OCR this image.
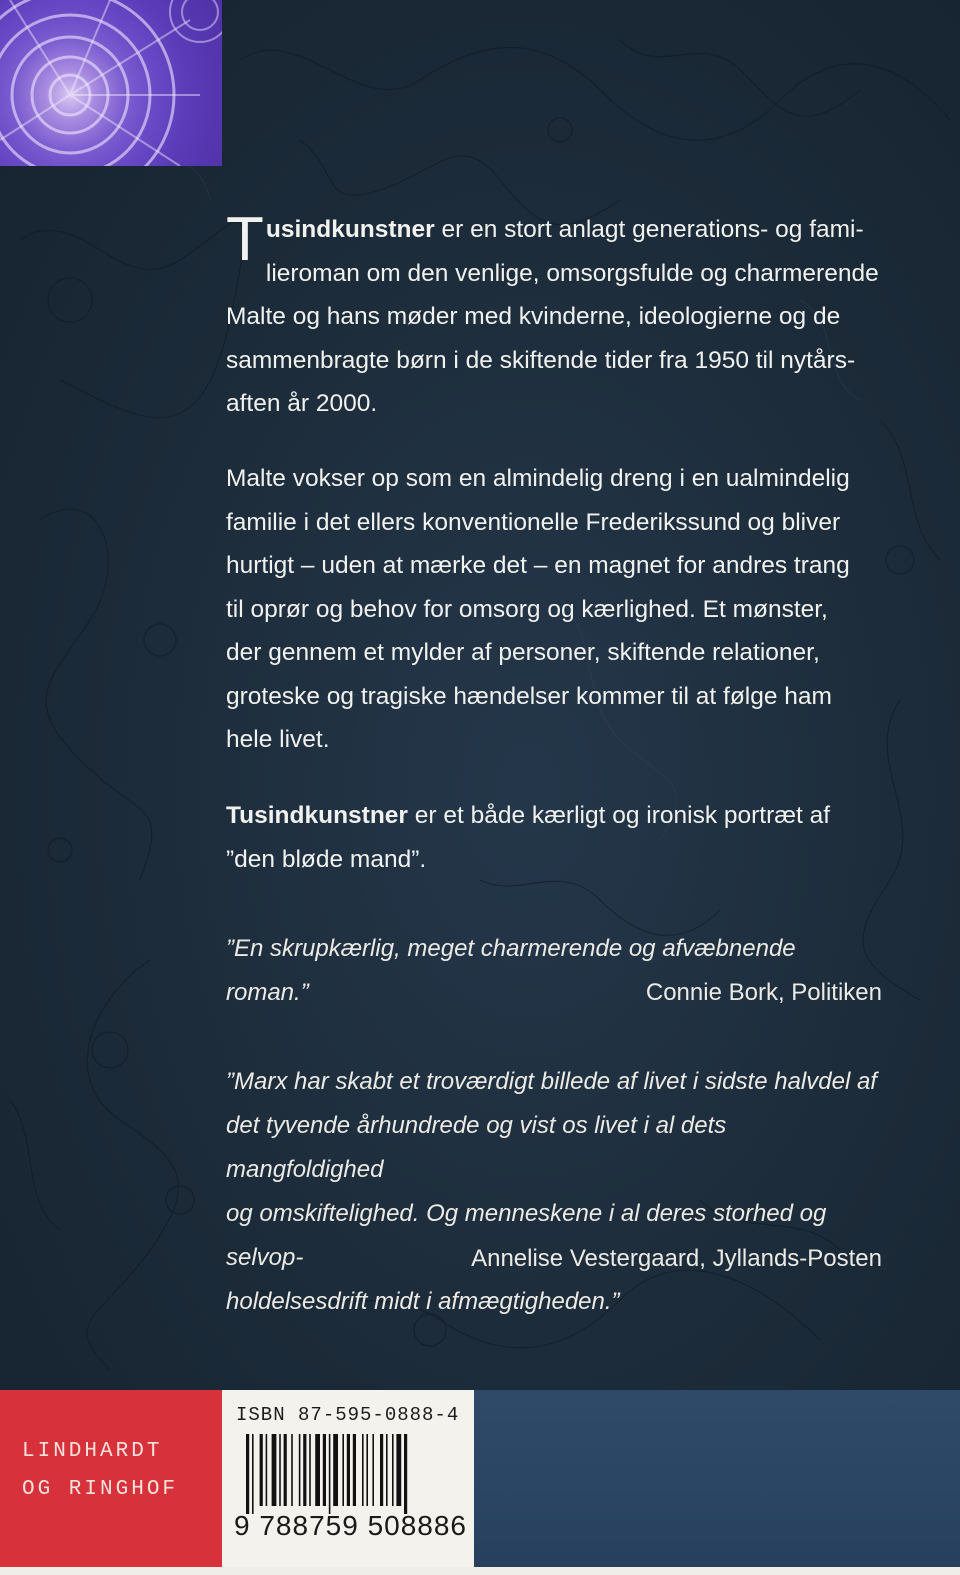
Tusindkunstner er en stort anlagt generations- og fami-
lieroman om den venlige, omsorgsfulde og charmerende
Malte og hans møder med kvinderne, ideologierne og de
sammenbragte børn i de skiftende tider fra 1950 til nytårs-
aften år 2000.
Malte vokser op som en almindelig dreng i en ualmindelig
familie i det ellers konventionelle Frederikssund og bliver
hurtigt – uden at mærke det – en magnet for andres trang
til oprør og behov for omsorg og kærlighed. Et mønster,
der gennem et mylder af personer, skiftende relationer,
groteske og tragiske hændelser kommer til at følge ham
hele livet.
Tusindkunstner er et både kærligt og ironisk portræt af
”den bløde mand”.
”En skrupkærlig, meget charmerende og afvæbnende roman.”	Connie Bork, Politiken
”Marx har skabt et troværdigt billede af livet i sidste halvdel af
det tyvende århundrede og vist os livet i al dets mangfoldighed
og omskiftelighed. Og menneskene i al deres storhed og selvop-
holdelsesdrift midt i afmægtigheden.”
Annelise Vestergaard, Jyllands-Posten
LINDHARDT
OG RINGHOF
ISBN 87-595-0888-4
9 788759 508886
